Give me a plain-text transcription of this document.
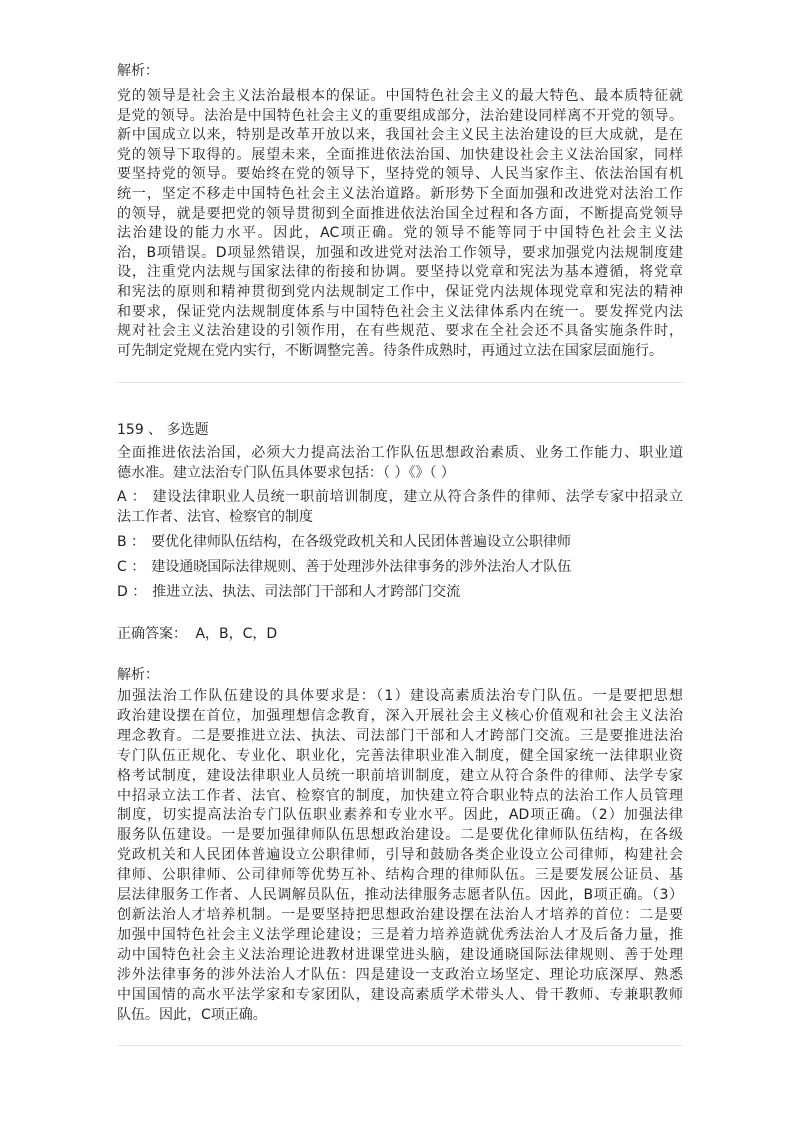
解析：
党的领导是社会主义法治最根本的保证。中国特色社会主义的最大特色、最本质特征就
是党的领导。法治是中国特色社会主义的重要组成部分，法治建设同样离不开党的领导。
新中国成立以来，特别是改革开放以来，我国社会主义民主法治建设的巨大成就，是在
党的领导下取得的。展望未来，全面推进依法治国、加快建设社会主义法治国家，同样
要坚持党的领导。要始终在党的领导下，坚持党的领导、人民当家作主、依法治国有机
统一，坚定不移走中国特色社会主义法治道路。新形势下全面加强和改进党对法治工作
的领导，就是要把党的领导贯彻到全面推进依法治国全过程和各方面，不断提高党领导
法治建设的能力水平。因此，AC项正确。党的领导不能等同于中国特色社会主义法
治，B项错误。D项显然错误，加强和改进党对法治工作领导，要求加强党内法规制度建
设，注重党内法规与国家法律的衔接和协调。要坚持以党章和宪法为基本遵循，将党章
和宪法的原则和精神贯彻到党内法规制定工作中，保证党内法规体现党章和宪法的精神
和要求，保证党内法规制度体系与中国特色社会主义法律体系内在统一。要发挥党内法
规对社会主义法治建设的引领作用，在有些规范、要求在全社会还不具备实施条件时，
可先制定党规在党内实行，不断调整完善。待条件成熟时，再通过立法在国家层面施行。
159 、 多选题
全面推进依法治国，必须大力提高法治工作队伍思想政治素质、业务工作能力、职业道
德水准。建立法治专门队伍具体要求包括：（ ）《》（ ）
A ： 建设法律职业人员统一职前培训制度，建立从符合条件的律师、法学专家中招录立
法工作者、法官、检察官的制度
B ： 要优化律师队伍结构，在各级党政机关和人民团体普遍设立公职律师
C ： 建设通晓国际法律规则、善于处理涉外法律事务的涉外法治人才队伍
D ： 推进立法、执法、司法部门干部和人才跨部门交流
正确答案： A，B，C，D
解析：
加强法治工作队伍建设的具体要求是：（1）建设高素质法治专门队伍。一是要把思想
政治建设摆在首位，加强理想信念教育，深入开展社会主义核心价值观和社会主义法治
理念教育。二是要推进立法、执法、司法部门干部和人才跨部门交流。三是要推进法治
专门队伍正规化、专业化、职业化，完善法律职业准入制度，健全国家统一法律职业资
格考试制度，建设法律职业人员统一职前培训制度，建立从符合条件的律师、法学专家
中招录立法工作者、法官、检察官的制度，加快建立符合职业特点的法治工作人员管理
制度，切实提高法治专门队伍职业素养和专业水平。因此，AD项正确。（2）加强法律
服务队伍建设。一是要加强律师队伍思想政治建设。二是要优化律师队伍结构，在各级
党政机关和人民团体普遍设立公职律师，引导和鼓励各类企业设立公司律师，构建社会
律师、公职律师、公司律师等优势互补、结构合理的律师队伍。三是要发展公证员、基
层法律服务工作者、人民调解员队伍，推动法律服务志愿者队伍。因此，B项正确。（3）
创新法治人才培养机制。一是要坚持把思想政治建设摆在法治人才培养的首位：二是要
加强中国特色社会主义法学理论建设；三是着力培养造就优秀法治人才及后备力量，推
动中国特色社会主义法治理论进教材进课堂进头脑，建设通晓国际法律规则、善于处理
涉外法律事务的涉外法治人才队伍：四是建设一支政治立场坚定、理论功底深厚、熟悉
中国国情的高水平法学家和专家团队，建设高素质学术带头人、骨干教师、专兼职教师
队伍。因此，C项正确。
